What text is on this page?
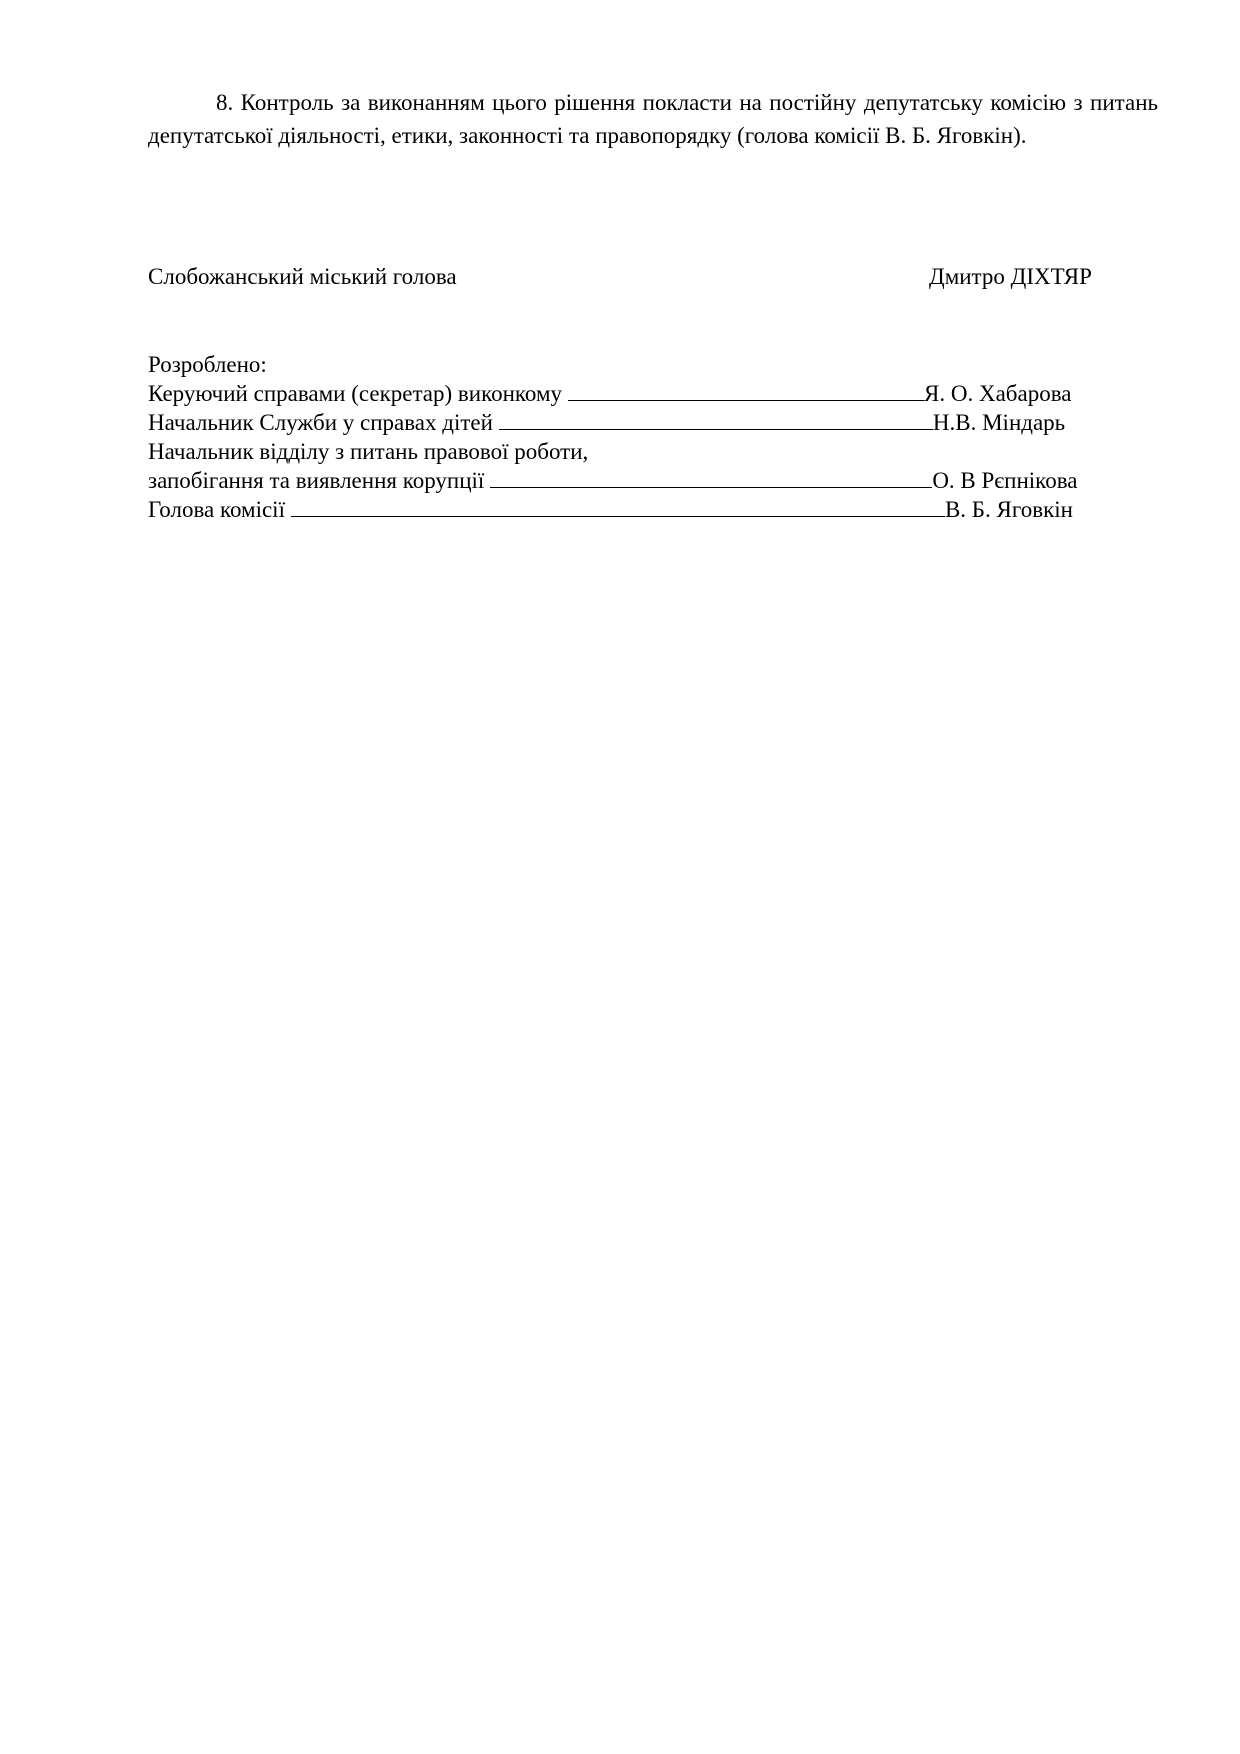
8. Контроль за виконанням цього рішення покласти на постійну депутатську комісію з питань депутатської діяльності, етики, законності та правопорядку (голова комісії В. Б. Яговкін).

Слобожанський міський голова	Дмитро ДІХТЯР
Розроблено:
Керуючий справами (секретар) виконкому	Я. О. Хабарова
Начальник Служби у справах дітей	Н.В. Міндарь
Начальник відділу з питань правової роботи,
запобігання та виявлення корупції	О. В Рєпнікова
Голова комісії	В. Б. Яговкін
